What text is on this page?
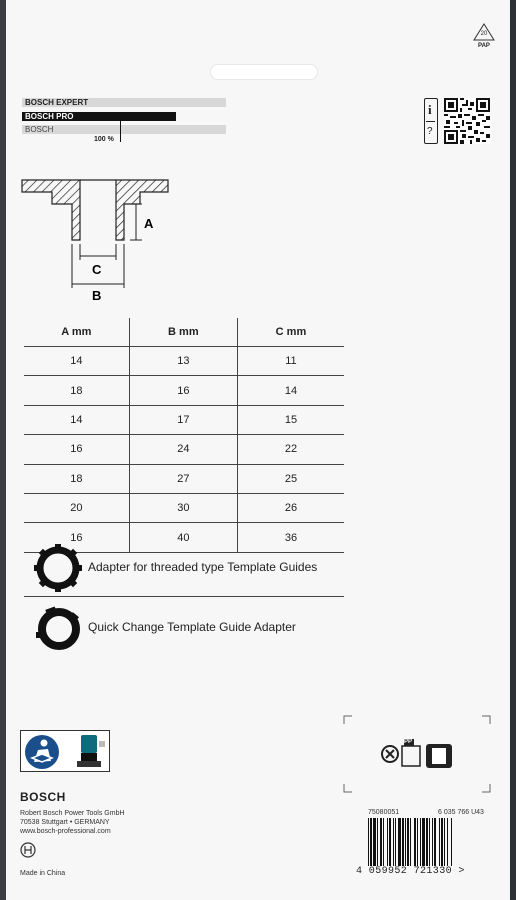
20
PAP
BOSCH EXPERT
BOSCH PRO
BOSCH
100 %
i
?
A
C
B
A mm	B mm	C mm
14	13	11
18	16	14
14	17	15
16	24	22
18	27	25
20	30	26
16	40	36
Adapter for threaded type Template Guides
Quick Change Template Guide Adapter
PP
BOSCH
Robert Bosch Power Tools GmbH
70538 Stuttgart • GERMANY
www.bosch-professional.com
Made in China
75080051	6 035 766 U43
4 059952 721330 >
